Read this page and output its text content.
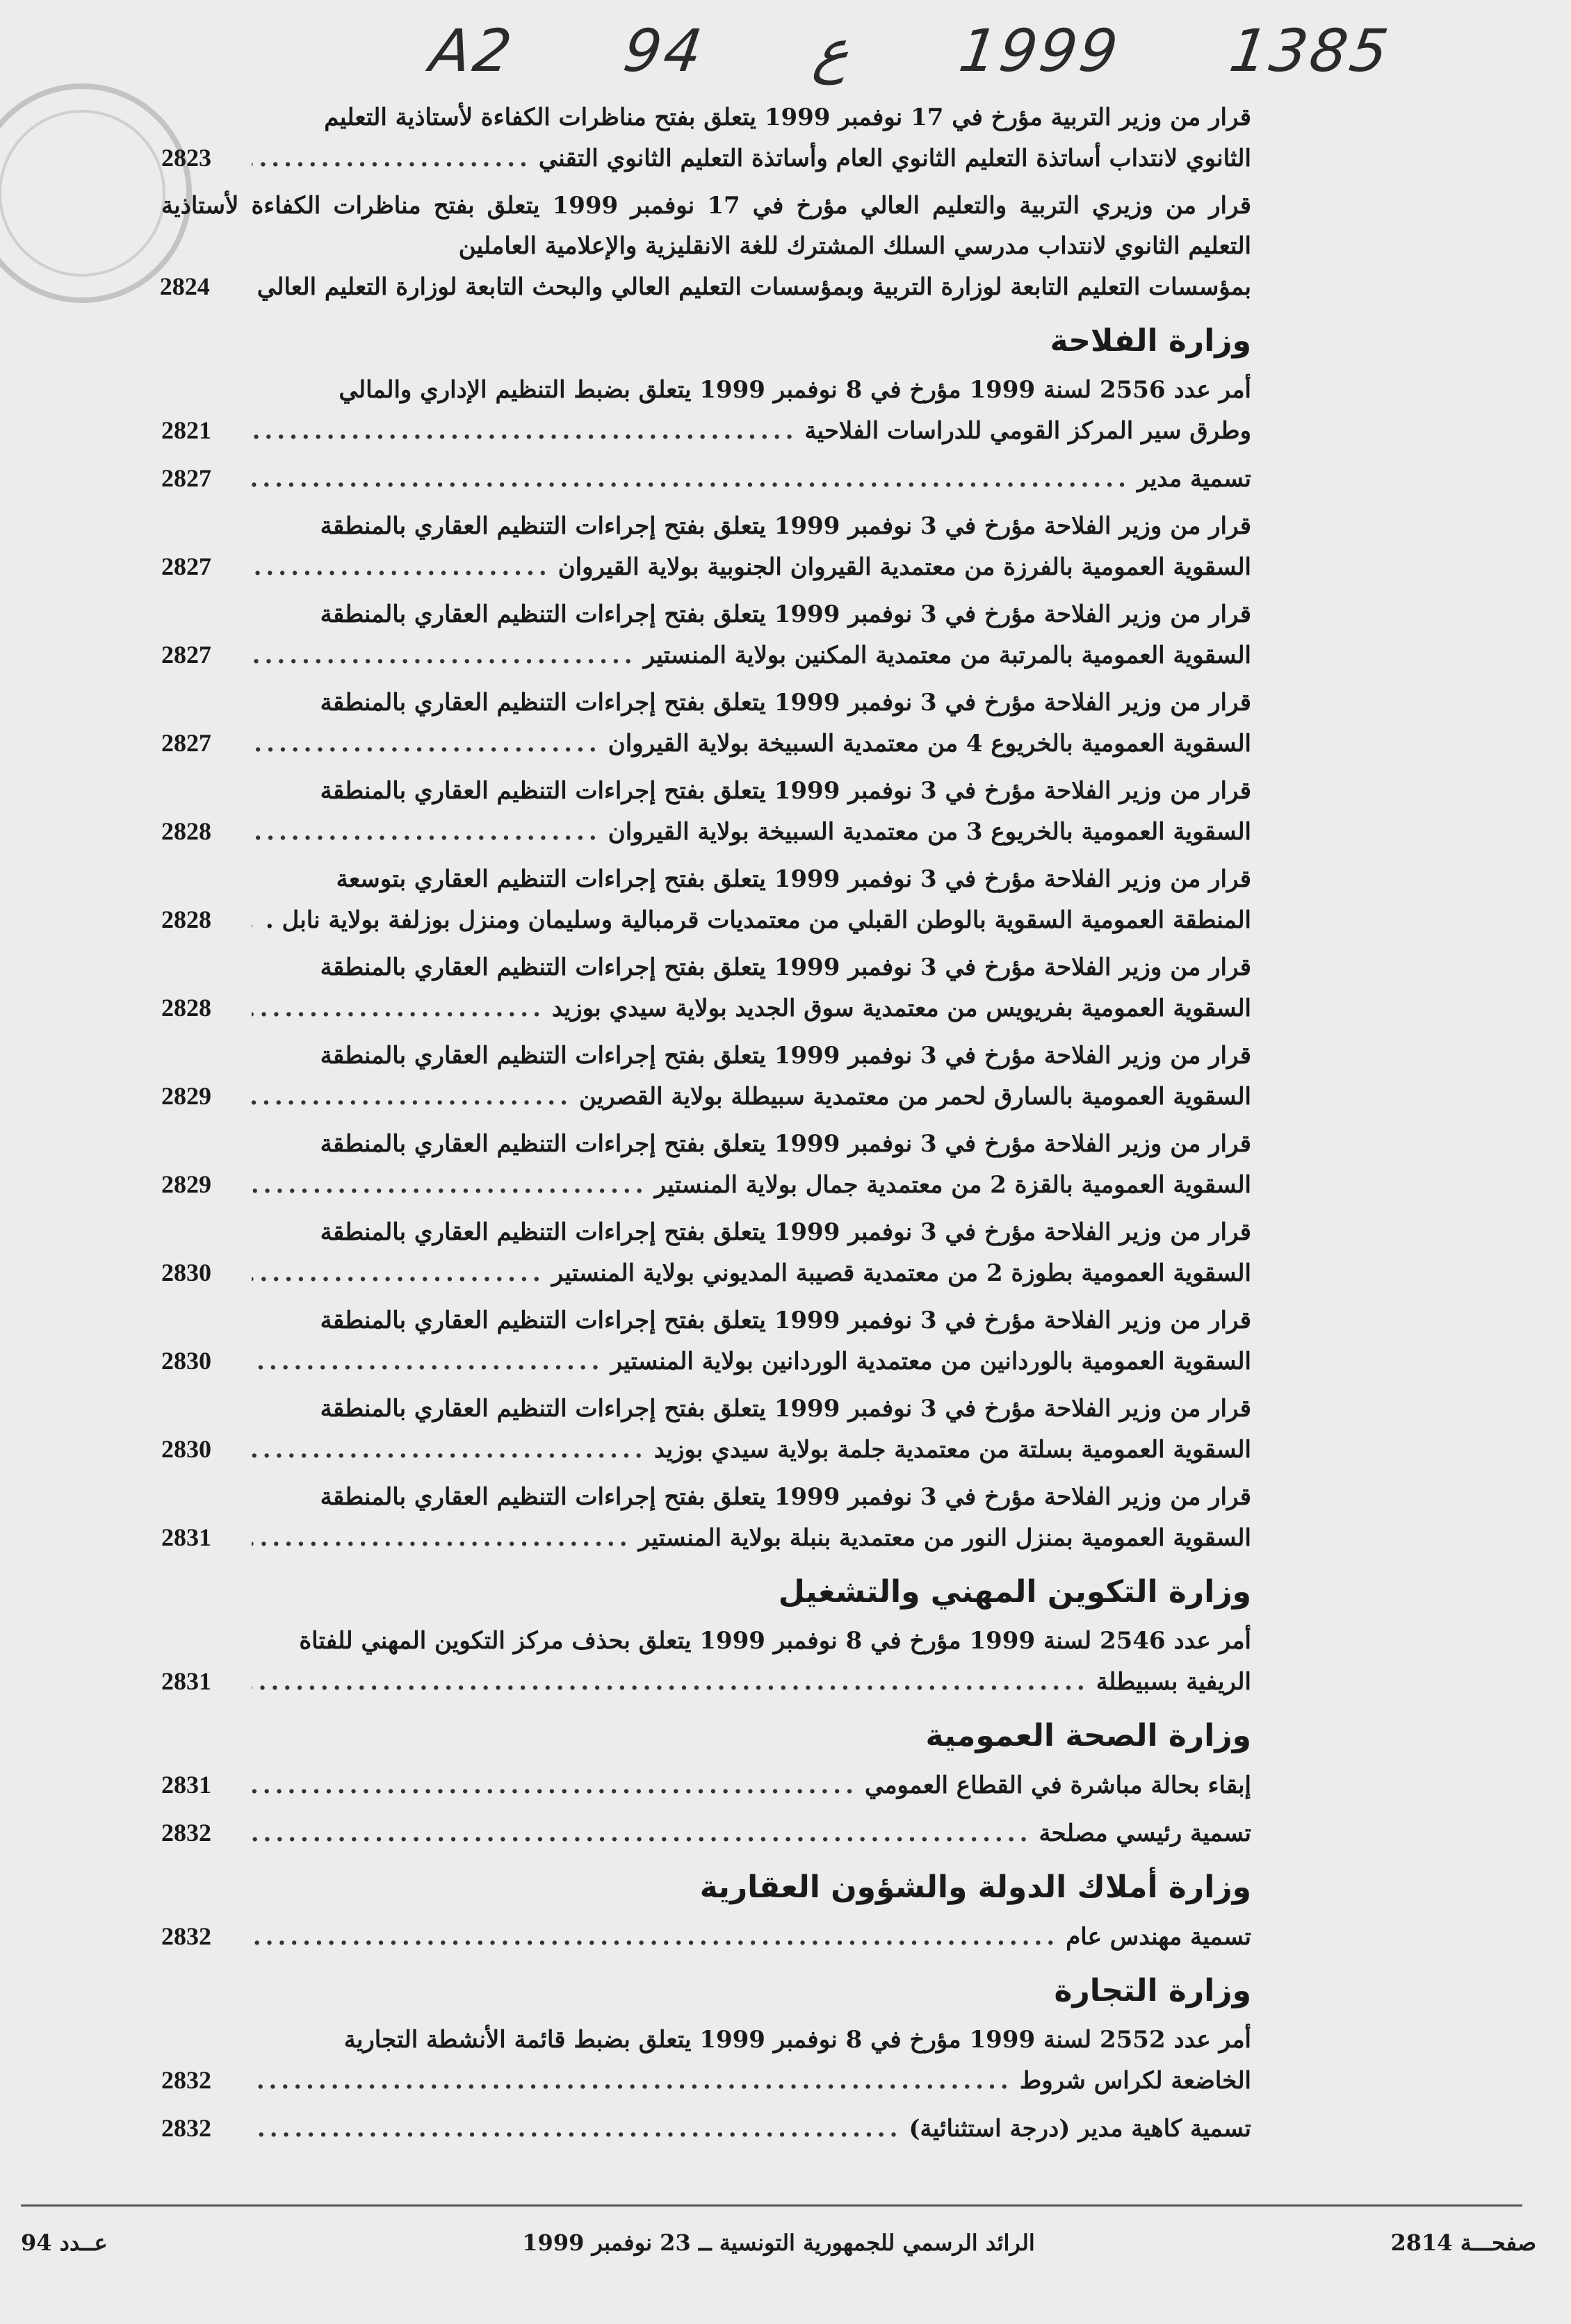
A2 94 ع 1999 1385
قرار من وزير التربية مؤرخ في 17 نوفمبر 1999 يتعلق بفتح مناظرات الكفاءة لأستاذية التعليم
الثانوي لانتداب أساتذة التعليم الثانوي العام وأساتذة التعليم الثانوي التقني
.....
2823
قرار من وزيري التربية والتعليم العالي مؤرخ في 17 نوفمبر 1999 يتعلق بفتح مناظرات الكفاءة لأستاذية التعليم الثانوي لانتداب مدرسي السلك المشترك للغة الانقليزية والإعلامية العاملين
بمؤسسات التعليم التابعة لوزارة التربية وبمؤسسات التعليم العالي والبحث التابعة لوزارة التعليم العالي
2824
وزارة الفلاحة
أمر عدد 2556 لسنة 1999 مؤرخ في 8 نوفمبر 1999 يتعلق بضبط التنظيم الإداري والمالي
وطرق سير المركز القومي للدراسات الفلاحية
.....
2821
تسمية مدير
.....
2827
قرار من وزير الفلاحة مؤرخ في 3 نوفمبر 1999 يتعلق بفتح إجراءات التنظيم العقاري بالمنطقة
السقوية العمومية بالفرزة من معتمدية القيروان الجنوبية بولاية القيروان
.....
2827
قرار من وزير الفلاحة مؤرخ في 3 نوفمبر 1999 يتعلق بفتح إجراءات التنظيم العقاري بالمنطقة
السقوية العمومية بالمرتبة من معتمدية المكنين بولاية المنستير
.....
2827
قرار من وزير الفلاحة مؤرخ في 3 نوفمبر 1999 يتعلق بفتح إجراءات التنظيم العقاري بالمنطقة
السقوية العمومية بالخريوع 4 من معتمدية السبيخة بولاية القيروان
.....
2827
قرار من وزير الفلاحة مؤرخ في 3 نوفمبر 1999 يتعلق بفتح إجراءات التنظيم العقاري بالمنطقة
السقوية العمومية بالخريوع 3 من معتمدية السبيخة بولاية القيروان
.....
2828
قرار من وزير الفلاحة مؤرخ في 3 نوفمبر 1999 يتعلق بفتح إجراءات التنظيم العقاري بتوسعة
المنطقة العمومية السقوية بالوطن القبلي من معتمديات قرمبالية وسليمان ومنزل بوزلفة بولاية نابل .
.....
2828
قرار من وزير الفلاحة مؤرخ في 3 نوفمبر 1999 يتعلق بفتح إجراءات التنظيم العقاري بالمنطقة
السقوية العمومية بفريويس من معتمدية سوق الجديد بولاية سيدي بوزيد
.....
2828
قرار من وزير الفلاحة مؤرخ في 3 نوفمبر 1999 يتعلق بفتح إجراءات التنظيم العقاري بالمنطقة
السقوية العمومية بالسارق لحمر من معتمدية سبيطلة بولاية القصرين
.....
2829
قرار من وزير الفلاحة مؤرخ في 3 نوفمبر 1999 يتعلق بفتح إجراءات التنظيم العقاري بالمنطقة
السقوية العمومية بالقزة 2 من معتمدية جمال بولاية المنستير
.....
2829
قرار من وزير الفلاحة مؤرخ في 3 نوفمبر 1999 يتعلق بفتح إجراءات التنظيم العقاري بالمنطقة
السقوية العمومية بطوزة 2 من معتمدية قصيبة المديوني بولاية المنستير
.....
2830
قرار من وزير الفلاحة مؤرخ في 3 نوفمبر 1999 يتعلق بفتح إجراءات التنظيم العقاري بالمنطقة
السقوية العمومية بالوردانين من معتمدية الوردانين بولاية المنستير
.....
2830
قرار من وزير الفلاحة مؤرخ في 3 نوفمبر 1999 يتعلق بفتح إجراءات التنظيم العقاري بالمنطقة
السقوية العمومية بسلتة من معتمدية جلمة بولاية سيدي بوزيد
.....
2830
قرار من وزير الفلاحة مؤرخ في 3 نوفمبر 1999 يتعلق بفتح إجراءات التنظيم العقاري بالمنطقة
السقوية العمومية بمنزل النور من معتمدية بنبلة بولاية المنستير
.....
2831
وزارة التكوين المهني والتشغيل
أمر عدد 2546 لسنة 1999 مؤرخ في 8 نوفمبر 1999 يتعلق بحذف مركز التكوين المهني للفتاة
الريفية بسبيطلة
.....
2831
وزارة الصحة العمومية
إبقاء بحالة مباشرة في القطاع العمومي
.....
2831
تسمية رئيسي مصلحة
.....
2832
وزارة أملاك الدولة والشؤون العقارية
تسمية مهندس عام
.....
2832
وزارة التجارة
أمر عدد 2552 لسنة 1999 مؤرخ في 8 نوفمبر 1999 يتعلق بضبط قائمة الأنشطة التجارية
الخاضعة لكراس شروط
.....
2832
تسمية كاهية مدير (درجة استثنائية)
.....
2832
عــدد 94	الرائد الرسمي للجمهورية التونسية ــ 23 نوفمبر 1999	صفحـــة 2814
